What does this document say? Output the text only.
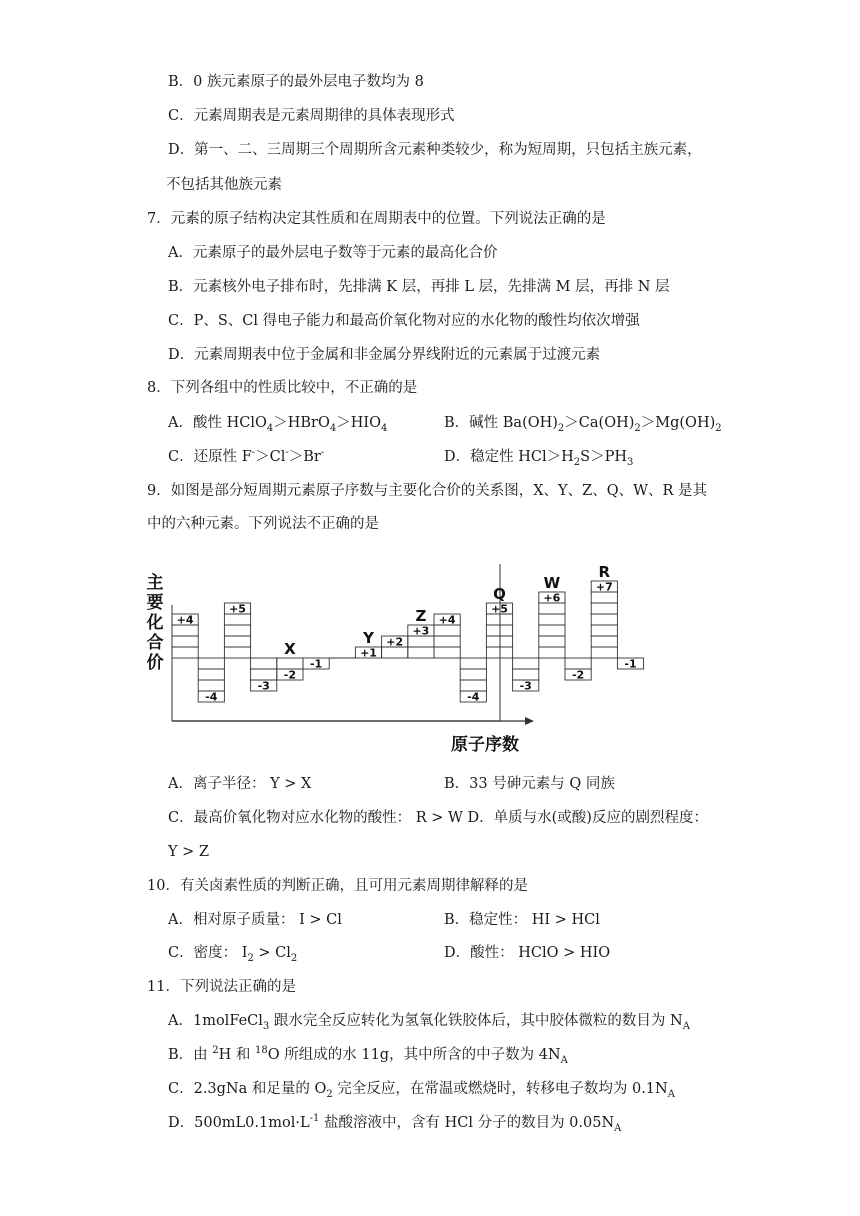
B．0 族元素原子的最外层电子数均为 8
C．元素周期表是元素周期律的具体表现形式
D．第一、二、三周期三个周期所含元素种类较少，称为短周期，只包括主族元素，
不包括其他族元素
7．元素的原子结构决定其性质和在周期表中的位置。下列说法正确的是
A．元素原子的最外层电子数等于元素的最高化合价
B．元素核外电子排布时，先排满 K 层，再排 L 层，先排满 M 层，再排 N 层
C．P、S、Cl 得电子能力和最高价氧化物对应的水化物的酸性均依次增强
D．元素周期表中位于金属和非金属分界线附近的元素属于过渡元素
8．下列各组中的性质比较中，不正确的是
A．酸性 $HClO_4>HBrO_4>HIO_4$	B．碱性 $Ba(OH)_2>Ca(OH)_2>Mg(OH)_2$
C．还原性 F-＞Cl-＞Br-	D．稳定性 $HCl>H_2S>PH_3$
9．如图是部分短周期元素原子序数与主要化合价的关系图，X、Y、Z、Q、W、R 是其
中的六种元素。下列说法不正确的是
+4
-4
+5
-3
-2
X
-1
+1
Y +2
+3
Z +4
-4
+5
Q
-3
+6
W
-2
+7
R
-1
主
要
化
合
价
原子序数
A．离子半径： Y > X	B．33 号砷元素与 Q 同族
C．最高价氧化物对应水化物的酸性： R > W D．单质与水(或酸)反应的剧烈程度：
Y > Z
10．有关卤素性质的判断正确，且可用元素周期律解释的是
A．相对原子质量： I > Cl	B．稳定性： HI > HCl
C．密度： $I_2 > Cl_2$	D．酸性： HClO > HIO
11．下列说法正确的是
A．1molFeCl$_3$ 跟水完全反应转化为氢氧化铁胶体后，其中胶体微粒的数目为 $N_A$
B．由 $^2$H 和 $^{18}$O 所组成的水 11g，其中所含的中子数为 $4N_A$
C．2.3gNa 和足量的 $O_2$ 完全反应，在常温或燃烧时，转移电子数均为 $0.1N_A$
D．$500mL0.1mol\cdot L^{-1}$ 盐酸溶液中，含有 HCl 分子的数目为 $0.05N_A$
